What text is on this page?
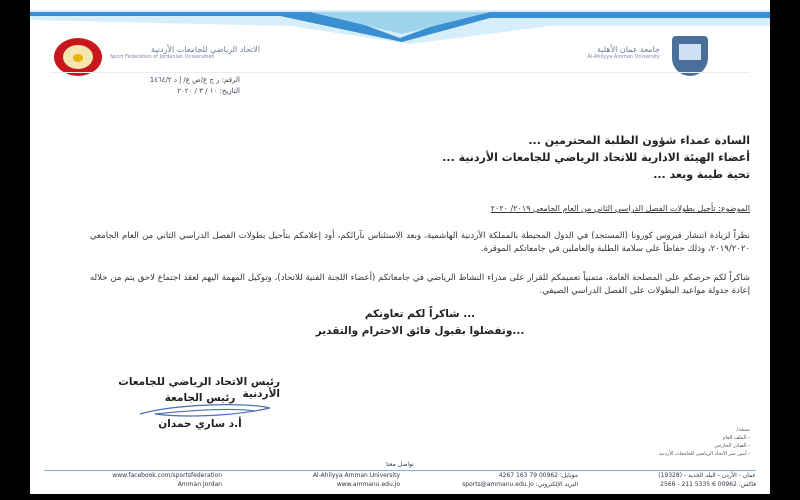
الاتحاد الرياضي للجامعات الأردنية
Sport Federation of Jordanian Universities
جامعة عمان الأهلية
Al-Ahliyya Amman University
الرقم: ر ج ع/ص ع/ إ د 1٤٦٤/٢
التاريخ: ١٠ / ٣ / ٢٠٢٠
السادة عمداء شؤون الطلبة المحترمين ...
أعضاء الهيئة الادارية للاتحاد الرياضي للجامعات الأردنية ...
تحية طيبة وبعد ...
الموضوع: تأجيل بطولات الفصل الدراسي الثاني من العام الجامعي ٢٠١٩/ ٢٠٢٠
نظراً لزيادة انتشار فيروس كورونا (المستجد) في الدول المحيطة بالمملكة الأردنية الهاشمية، وبعد الاستئناس بآرائكم، أود إعلامكم بتأجيل بطولات الفصل الدراسي الثاني من العام الجامعي ٢٠١٩/٢٠٢٠، وذلك حفاظاً على سلامة الطلبة والعاملين في جامعاتكم الموقرة.
شاكراً لكم حرصكم على المصلحة العامة، متمنياً تعميمكم للقرار على مدراء النشاط الرياضي في جامعاتكم (أعضاء اللجنة الفنية للاتحاد)، وتوكيل المهمة اليهم لعقد اجتماع لاحق يتم من خلاله إعادة جدولة مواعيد البطولات على الفصل الدراسي الصيفي.
شاكراً لكم تعاونكم ...
وتفضلوا بقبول فائق الاحترام والتقدير...
رئيس الاتحاد الرياضي للجامعات الأردنية
رئيس الجامعة
أ.د ساري حمدان	نسخة/
- الملف العام
- الصادر الخارجي
- أمين سر الاتحاد الرياضي للجامعات الأردنية
تواصل معنا
عمان - الأردن - البلد الجديد - (19328)
موبايل: 00962 79 163 4267
Al-Ahliyya Amman University
www.facebook.com/sportsfederation
فاكس: 00962 6 5335 211 - 2566
البريد الإلكتروني: sports@ammanu.edu.jo
www.ammanu.edu.jo
Amman Jordan
